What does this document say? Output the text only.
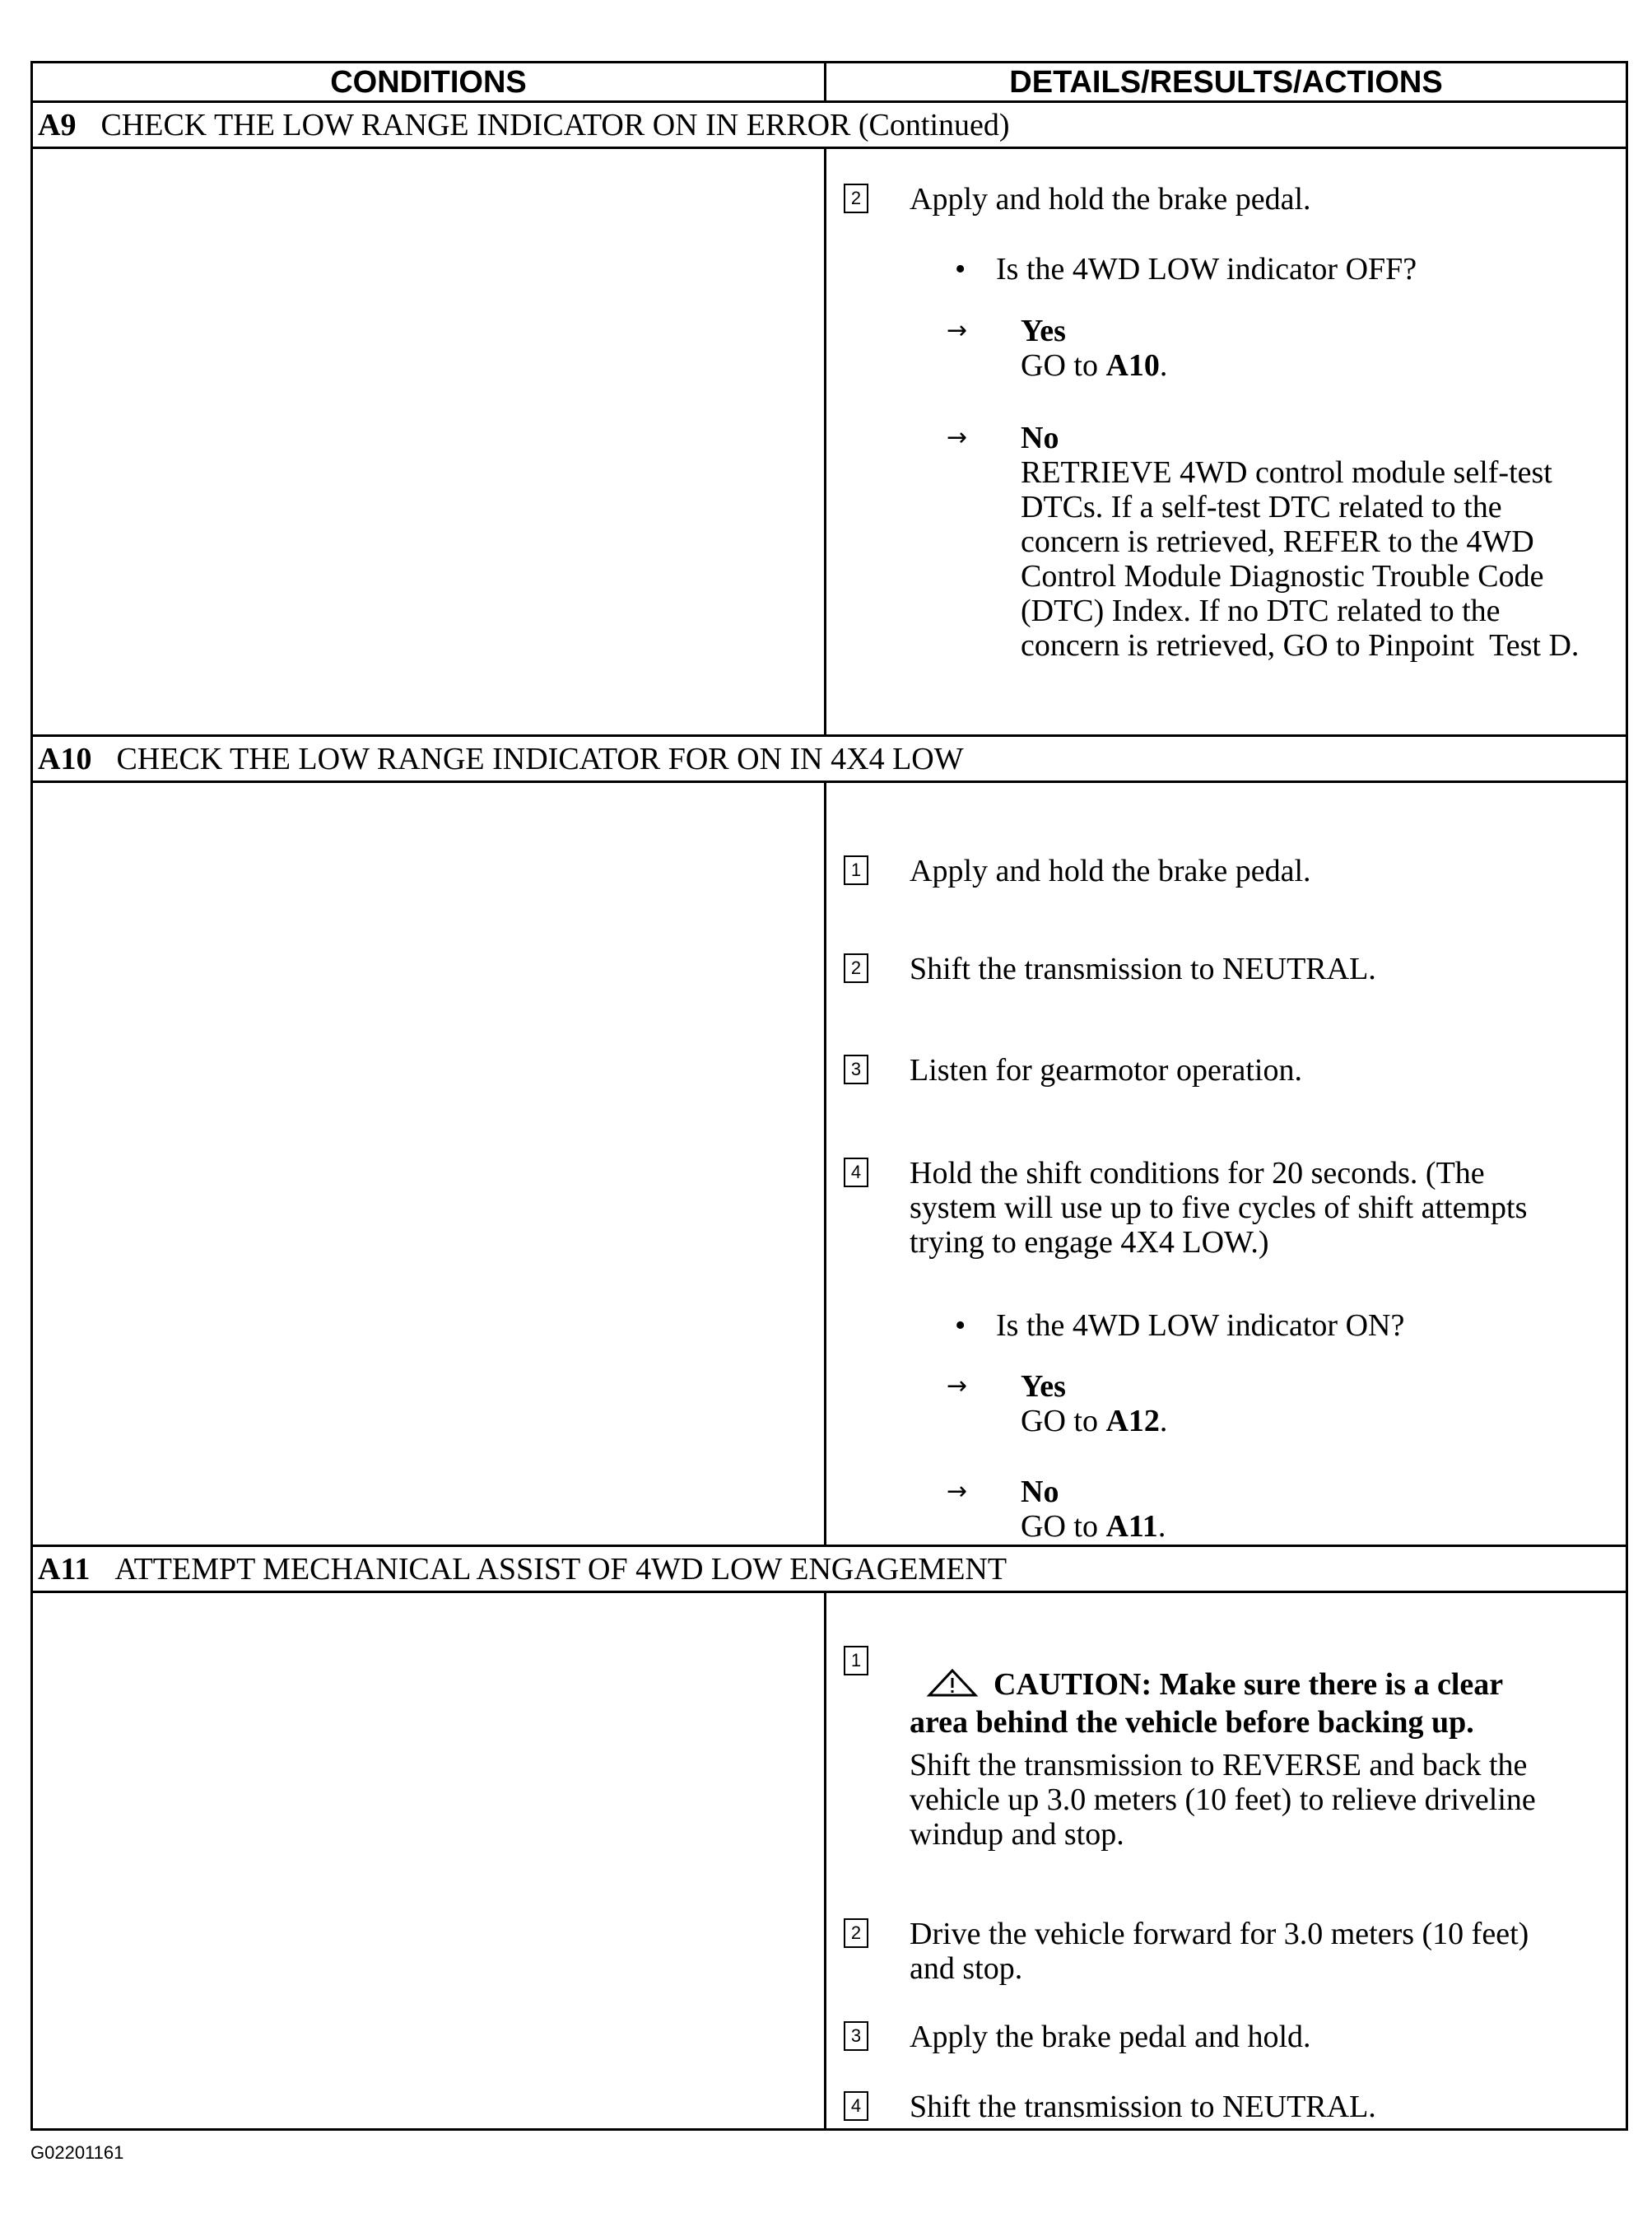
CONDITIONS	DETAILS/RESULTS/ACTIONS
A9 CHECK THE LOW RANGE INDICATOR ON IN ERROR (Continued)
2 Apply and hold the brake pedal.
• Is the 4WD LOW indicator OFF?
→ Yes
GO to A10.
→ No
RETRIEVE 4WD control module self-test
DTCs. If a self-test DTC related to the
concern is retrieved, REFER to the 4WD
Control Module Diagnostic Trouble Code
(DTC) Index. If no DTC related to the
concern is retrieved, GO to Pinpoint  Test D.
A10 CHECK THE LOW RANGE INDICATOR FOR ON IN 4X4 LOW
1 Apply and hold the brake pedal.
2 Shift the transmission to NEUTRAL.
3 Listen for gearmotor operation.
4 Hold the shift conditions for 20 seconds. (The
system will use up to five cycles of shift attempts
trying to engage 4X4 LOW.)
• Is the 4WD LOW indicator ON?
→ Yes
GO to A12.
→ No
GO to A11.
A11 ATTEMPT MECHANICAL ASSIST OF 4WD LOW ENGAGEMENT
1
CAUTION: Make sure there is a clear
area behind the vehicle before backing up.
Shift the transmission to REVERSE and back the
vehicle up 3.0 meters (10 feet) to relieve driveline
windup and stop.
2 Drive the vehicle forward for 3.0 meters (10 feet)
and stop.
3 Apply the brake pedal and hold.
4 Shift the transmission to NEUTRAL.
G02201161
